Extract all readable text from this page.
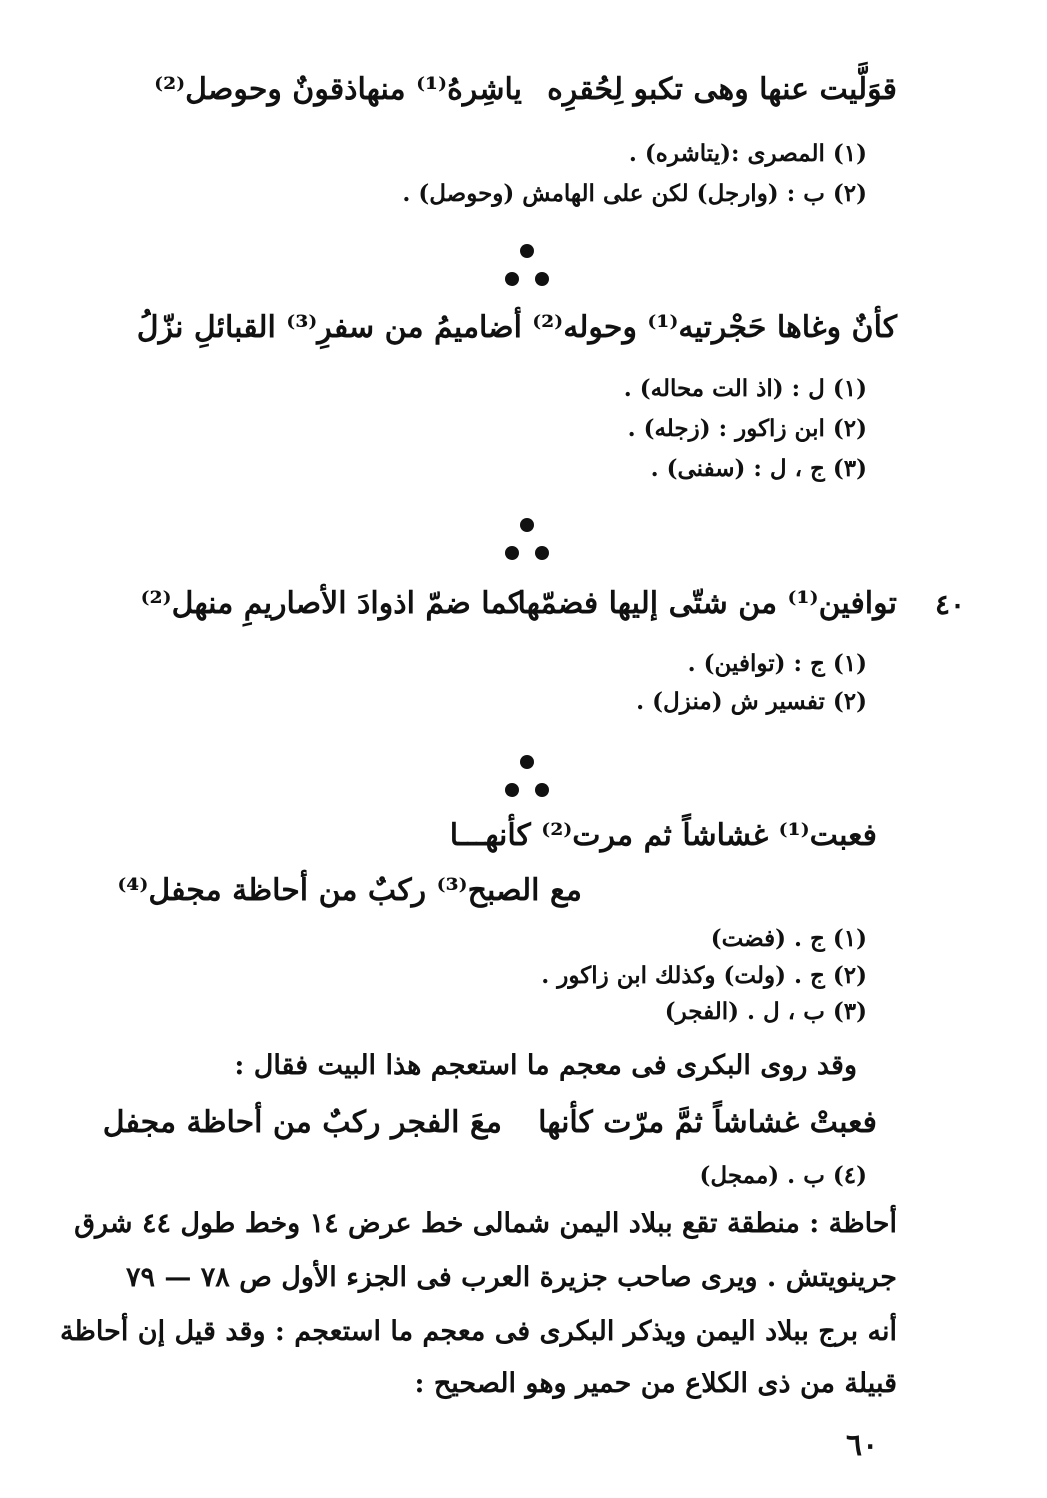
قوَلَّيت عنها وهى تكبو لِحُقرِه
ياشِرهُ⁽¹⁾ منهاذقونٌ وحوصل⁽²⁾
(١) المصرى :(يتاشره) .
(٢) ب : (وارجل) لكن على الهامش (وحوصل) .
كأنٌ وغاها حَجْرتيه⁽¹⁾ وحوله⁽²⁾
أضاميمُ من سفرِ⁽³⁾ القبائلِ نزّلُ
(١) ل : (اذ الت محاله) .
(٢) ابن زاكور : (زجله) .
(٣) ج ، ل : (سفنى) .
٤٠
توافين⁽¹⁾ من شتّى إليها فضمّها
كما ضمّ اذوادَ الأصاريمِ منهل⁽²⁾
(١) ج : (توافين) .
(٢) تفسير ش (منزل) .
فعبت⁽¹⁾ غشاشاً ثم مرت⁽²⁾ كأنهـــا
مع الصبح⁽³⁾ ركبٌ من أحاظة مجفل⁽⁴⁾
(١) ج . (فضت)
(٢) ج . (ولت) وكذلك ابن زاكور .
(٣) ب ، ل . (الفجر)
وقد روى البكرى فى معجم ما استعجم هذا البيت فقال :
فعبتْ غشاشاً ثمَّ مرّت كأنها
معَ الفجر ركبٌ من أحاظة مجفل
(٤) ب . (ممجل)
أحاظة : منطقة تقع ببلاد اليمن شمالى خط عرض ١٤ وخط طول ٤٤ شرق
جرينويتش . ويرى صاحب جزيرة العرب فى الجزء الأول ص ٧٨ — ٧٩
أنه برج ببلاد اليمن ويذكر البكرى فى معجم ما استعجم : وقد قيل إن أحاظة
قبيلة من ذى الكلاع من حمير وهو الصحيح :
٦٠
